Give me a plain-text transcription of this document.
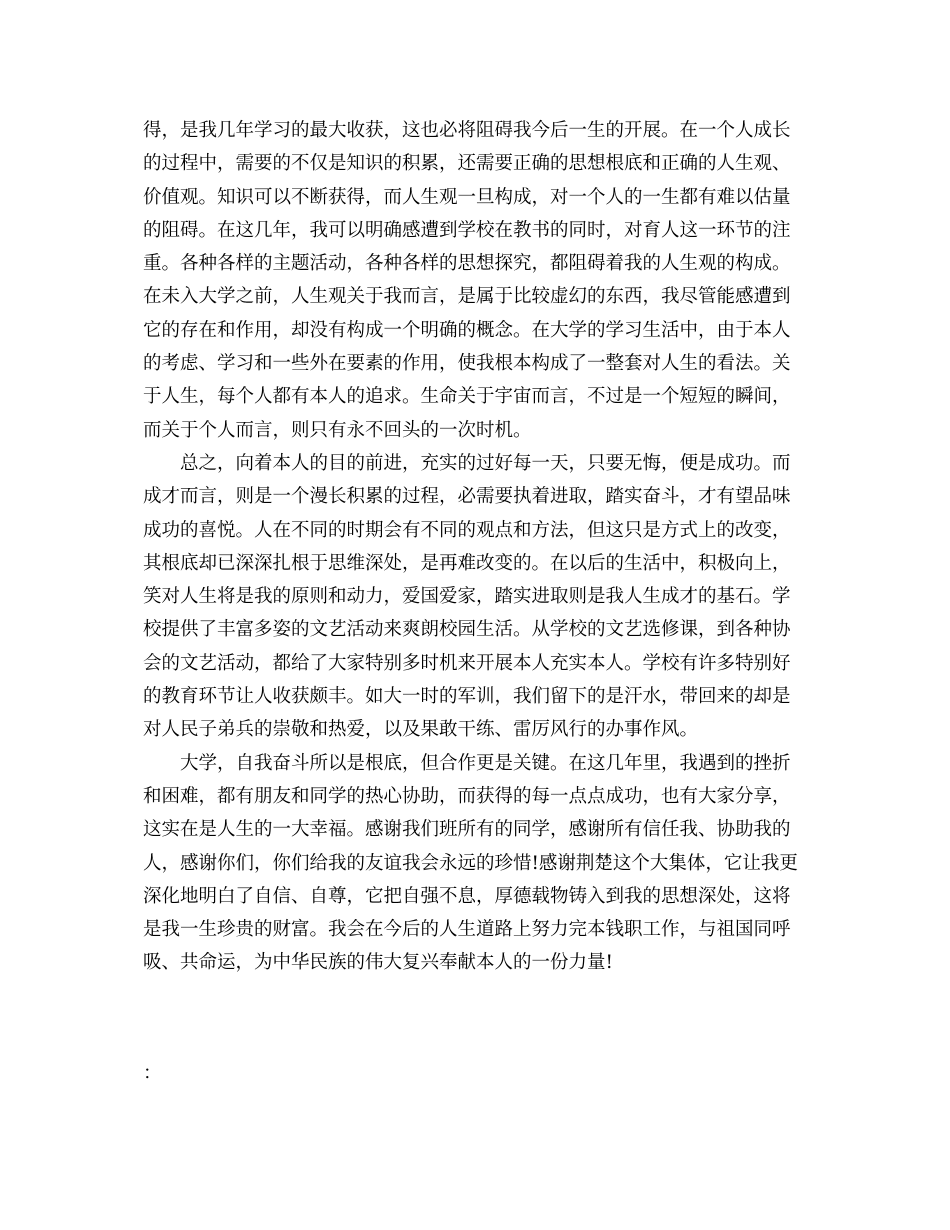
得，是我几年学习的最大收获，这也必将阻碍我今后一生的开展。在一个人成长
的过程中，需要的不仅是知识的积累，还需要正确的思想根底和正确的人生观、
价值观。知识可以不断获得，而人生观一旦构成，对一个人的一生都有难以估量
的阻碍。在这几年，我可以明确感遭到学校在教书的同时，对育人这一环节的注
重。各种各样的主题活动，各种各样的思想探究，都阻碍着我的人生观的构成。
在未入大学之前，人生观关于我而言，是属于比较虚幻的东西，我尽管能感遭到
它的存在和作用，却没有构成一个明确的概念。在大学的学习生活中，由于本人
的考虑、学习和一些外在要素的作用，使我根本构成了一整套对人生的看法。关
于人生，每个人都有本人的追求。生命关于宇宙而言，不过是一个短短的瞬间，
而关于个人而言，则只有永不回头的一次时机。
总之，向着本人的目的前进，充实的过好每一天，只要无悔，便是成功。而
成才而言，则是一个漫长积累的过程，必需要执着进取，踏实奋斗，才有望品味
成功的喜悦。人在不同的时期会有不同的观点和方法，但这只是方式上的改变，
其根底却已深深扎根于思维深处，是再难改变的。在以后的生活中，积极向上，
笑对人生将是我的原则和动力，爱国爱家，踏实进取则是我人生成才的基石。学
校提供了丰富多姿的文艺活动来爽朗校园生活。从学校的文艺选修课，到各种协
会的文艺活动，都给了大家特别多时机来开展本人充实本人。学校有许多特别好
的教育环节让人收获颇丰。如大一时的军训，我们留下的是汗水，带回来的却是
对人民子弟兵的崇敬和热爱，以及果敢干练、雷厉风行的办事作风。
大学，自我奋斗所以是根底，但合作更是关键。在这几年里，我遇到的挫折
和困难，都有朋友和同学的热心协助，而获得的每一点点成功，也有大家分享，
这实在是人生的一大幸福。感谢我们班所有的同学，感谢所有信任我、协助我的
人，感谢你们，你们给我的友谊我会永远的珍惜!感谢荆楚这个大集体，它让我更
深化地明白了自信、自尊，它把自强不息，厚德载物铸入到我的思想深处，这将
是我一生珍贵的财富。我会在今后的人生道路上努力完本钱职工作，与祖国同呼
吸、共命运，为中华民族的伟大复兴奉献本人的一份力量!
：
